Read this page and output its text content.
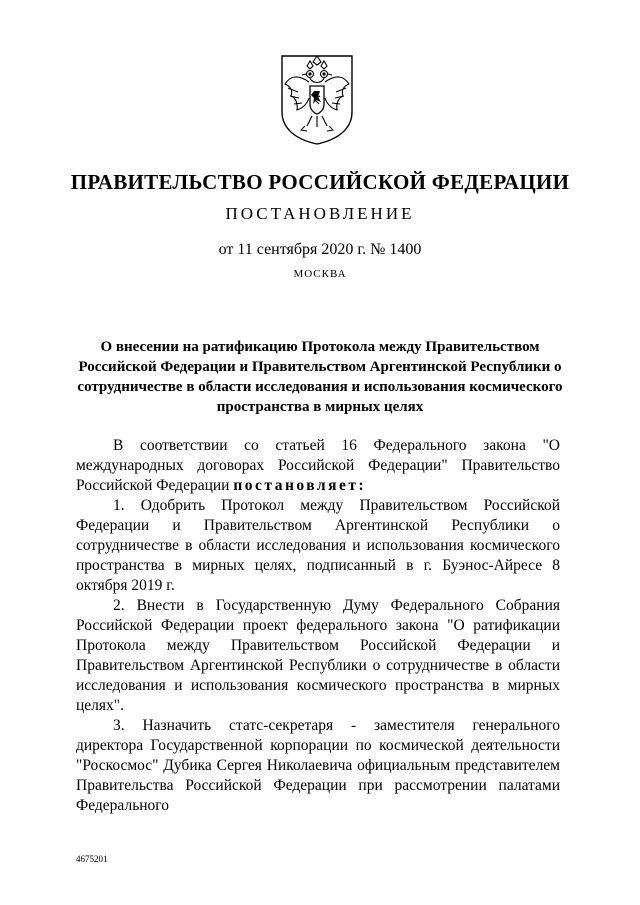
ПРАВИТЕЛЬСТВО РОССИЙСКОЙ ФЕДЕРАЦИИ
ПОСТАНОВЛЕНИЕ
от 11 сентября 2020 г. № 1400
МОСКВА
О внесении на ратификацию Протокола между Правительством Российской Федерации и Правительством Аргентинской Республики о сотрудничестве в области исследования и использования космического пространства в мирных целях

В соответствии со статьей 16 Федерального закона "О международных договорах Российской Федерации" Правительство Российской Федерации постановляет:

1. Одобрить Протокол между Правительством Российской Федерации и Правительством Аргентинской Республики о сотрудничестве в области исследования и использования космического пространства в мирных целях, подписанный в г. Буэнос-Айресе 8 октября 2019 г.

2. Внести в Государственную Думу Федерального Собрания Российской Федерации проект федерального закона "О ратификации Протокола между Правительством Российской Федерации и Правительством Аргентинской Республики о сотрудничестве в области исследования и использования космического пространства в мирных целях".

3. Назначить статс-секретаря - заместителя генерального директора Государственной корпорации по космической деятельности "Роскосмос" Дубика Сергея Николаевича официальным представителем Правительства Российской Федерации при рассмотрении палатами Федерального

4675201
